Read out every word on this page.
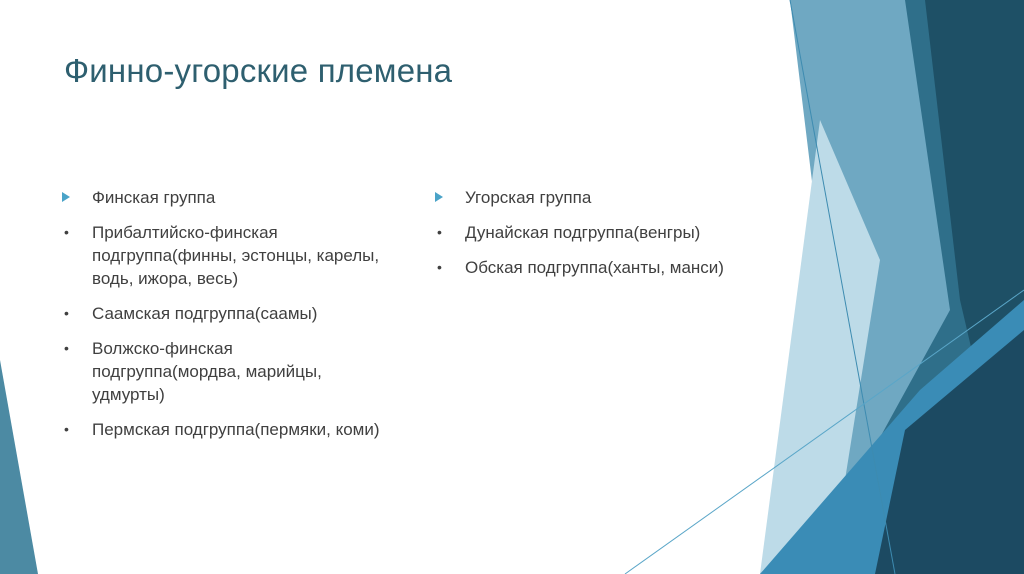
Финно-угорские племена
Финская группа
• Прибалтийско-финская подгруппа(финны, эстонцы, карелы, водь, ижора, весь)
• Саамская подгруппа(саамы)
• Волжско-финская подгруппа(мордва, марийцы, удмурты)
• Пермская подгруппа(пермяки, коми)
Угорская группа
• Дунайская подгруппа(венгры)
• Обская подгруппа(ханты, манси)
